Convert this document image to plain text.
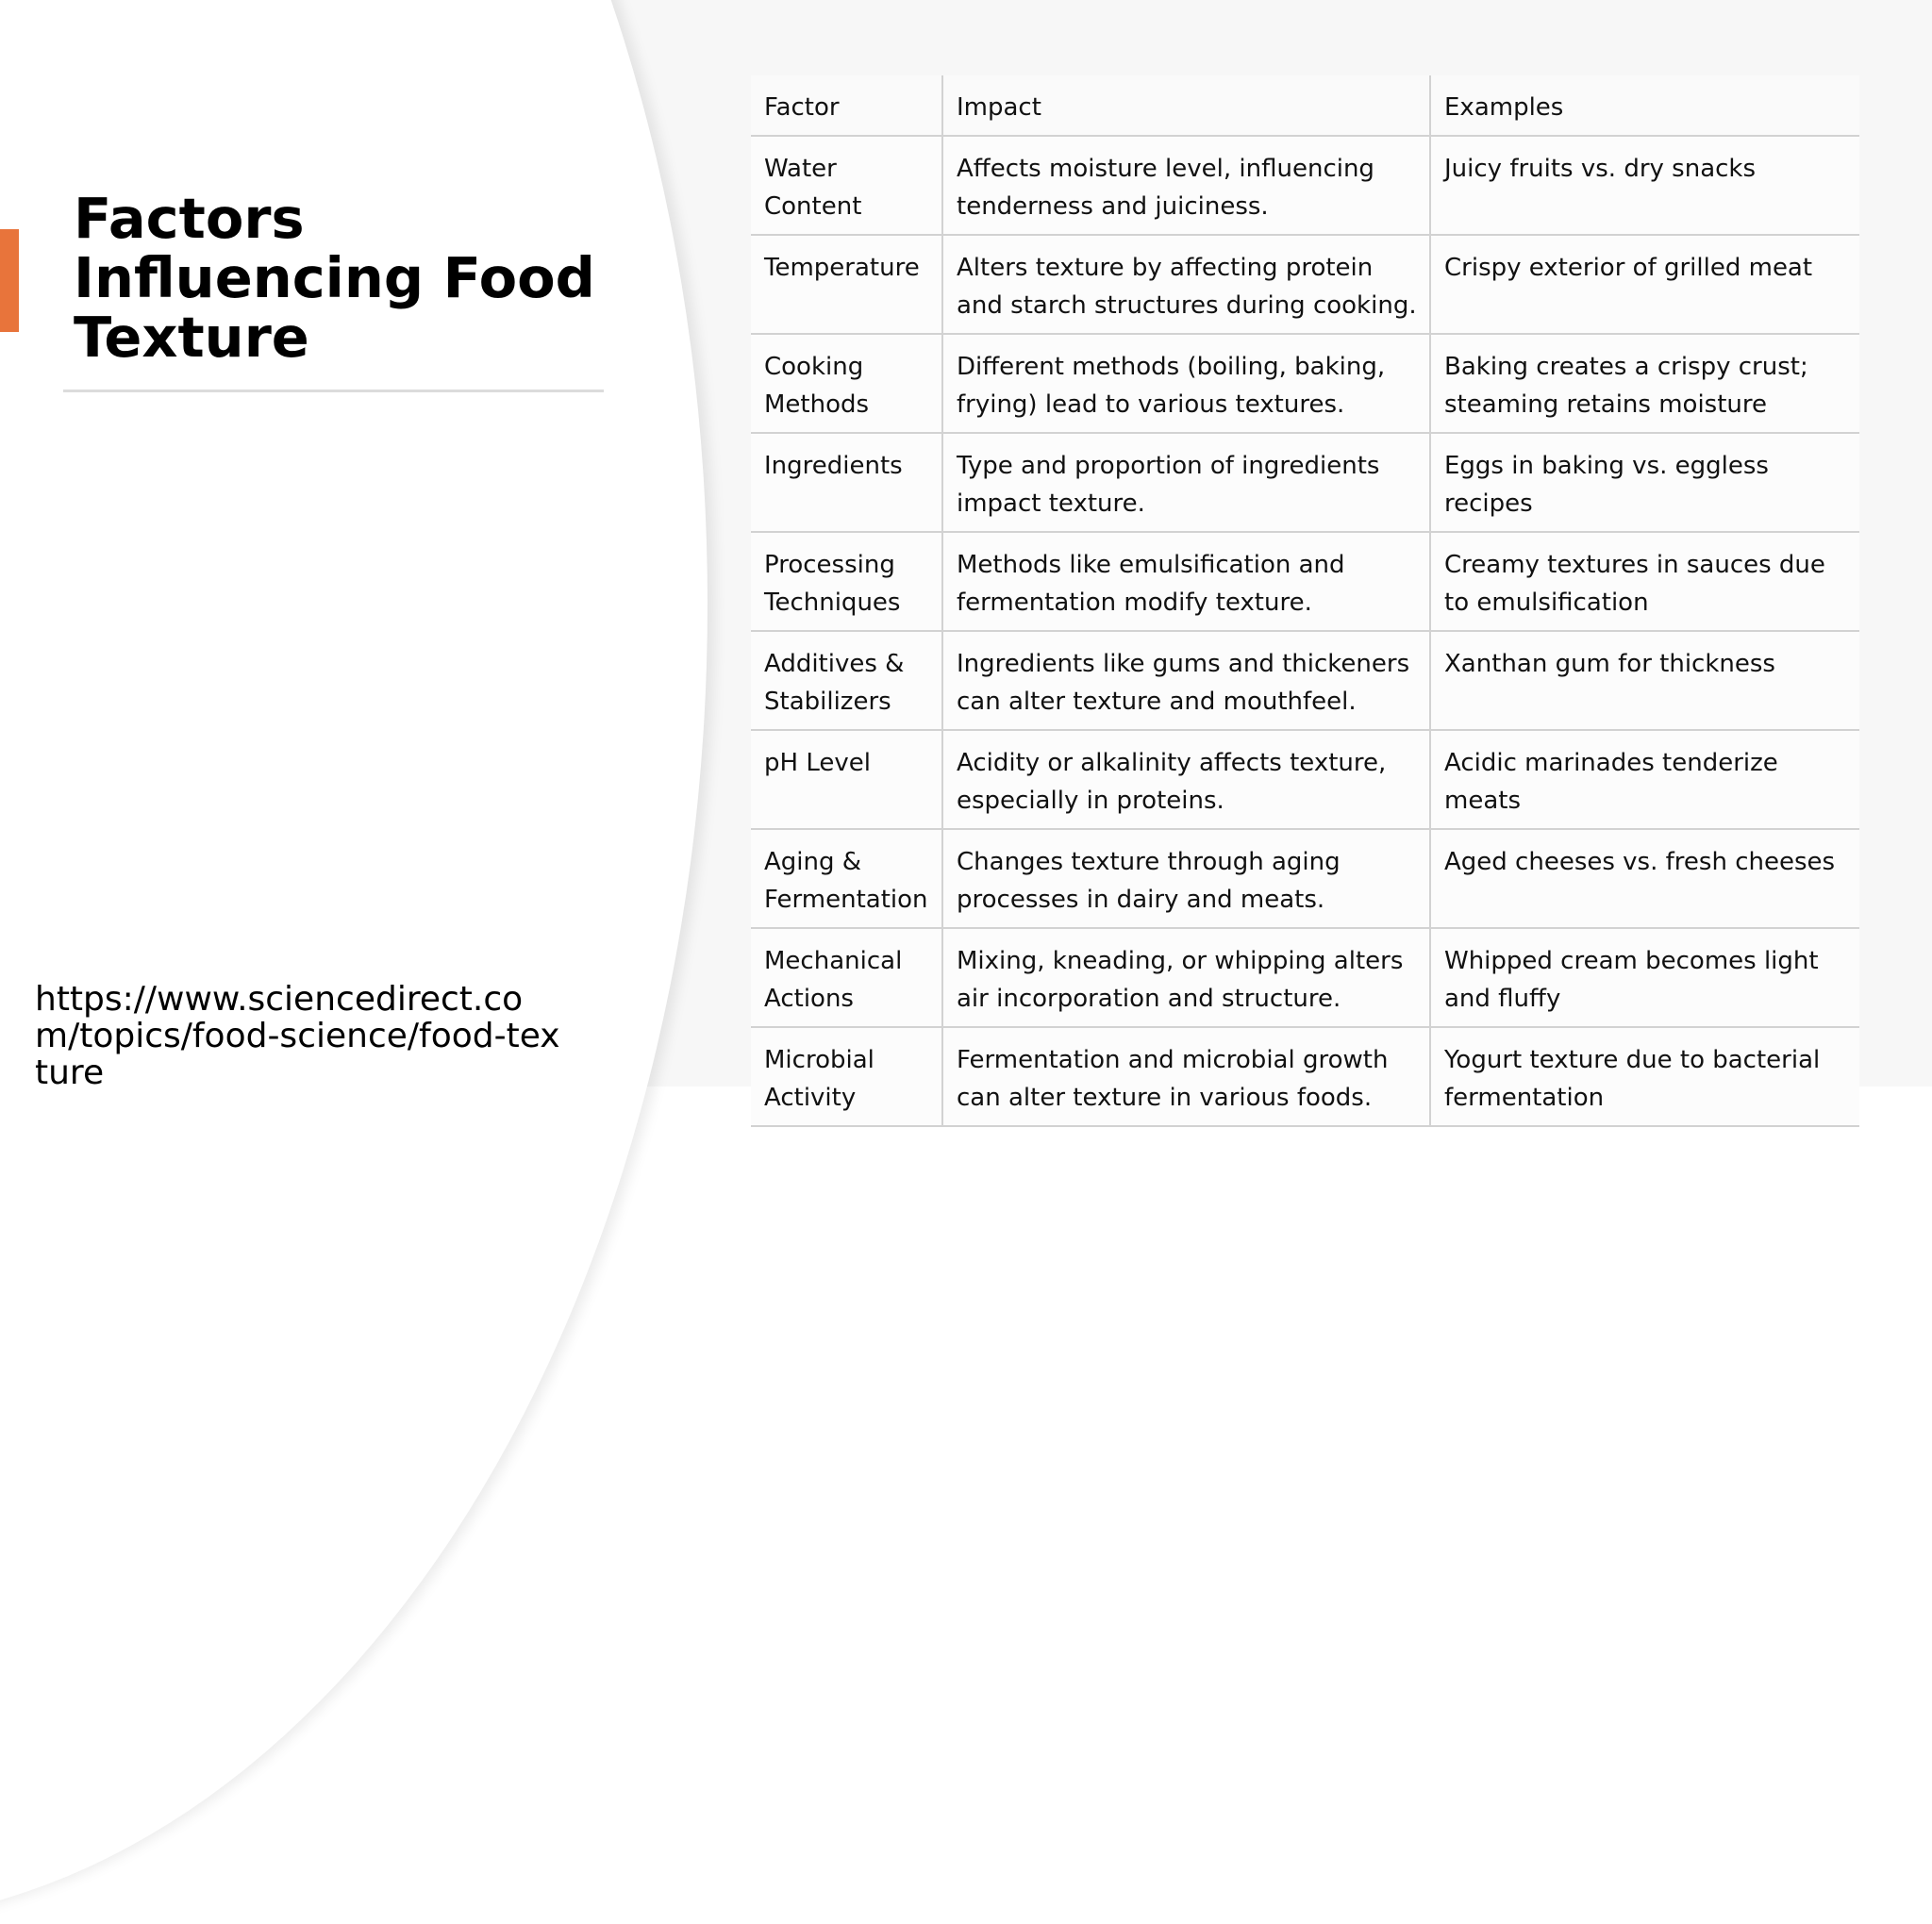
Factors Influencing Food Texture
https://www.sciencedirect.com/topics/food-science/food-texture
Factor	Impact	Examples
Water Content	Affects moisture level, influencing tenderness and juiciness.	Juicy fruits vs. dry snacks
Temperature	Alters texture by affecting protein and starch structures during cooking.	Crispy exterior of grilled meat
Cooking Methods	Different methods (boiling, baking, frying) lead to various textures.	Baking creates a crispy crust; steaming retains moisture
Ingredients	Type and proportion of ingredients impact texture.	Eggs in baking vs. eggless recipes
Processing Techniques	Methods like emulsification and fermentation modify texture.	Creamy textures in sauces due to emulsification
Additives & Stabilizers	Ingredients like gums and thickeners can alter texture and mouthfeel.	Xanthan gum for thickness
pH Level	Acidity or alkalinity affects texture, especially in proteins.	Acidic marinades tenderize meats
Aging & Fermentation	Changes texture through aging processes in dairy and meats.	Aged cheeses vs. fresh cheeses
Mechanical Actions	Mixing, kneading, or whipping alters air incorporation and structure.	Whipped cream becomes light and fluffy
Microbial Activity	Fermentation and microbial growth can alter texture in various foods.	Yogurt texture due to bacterial fermentation
